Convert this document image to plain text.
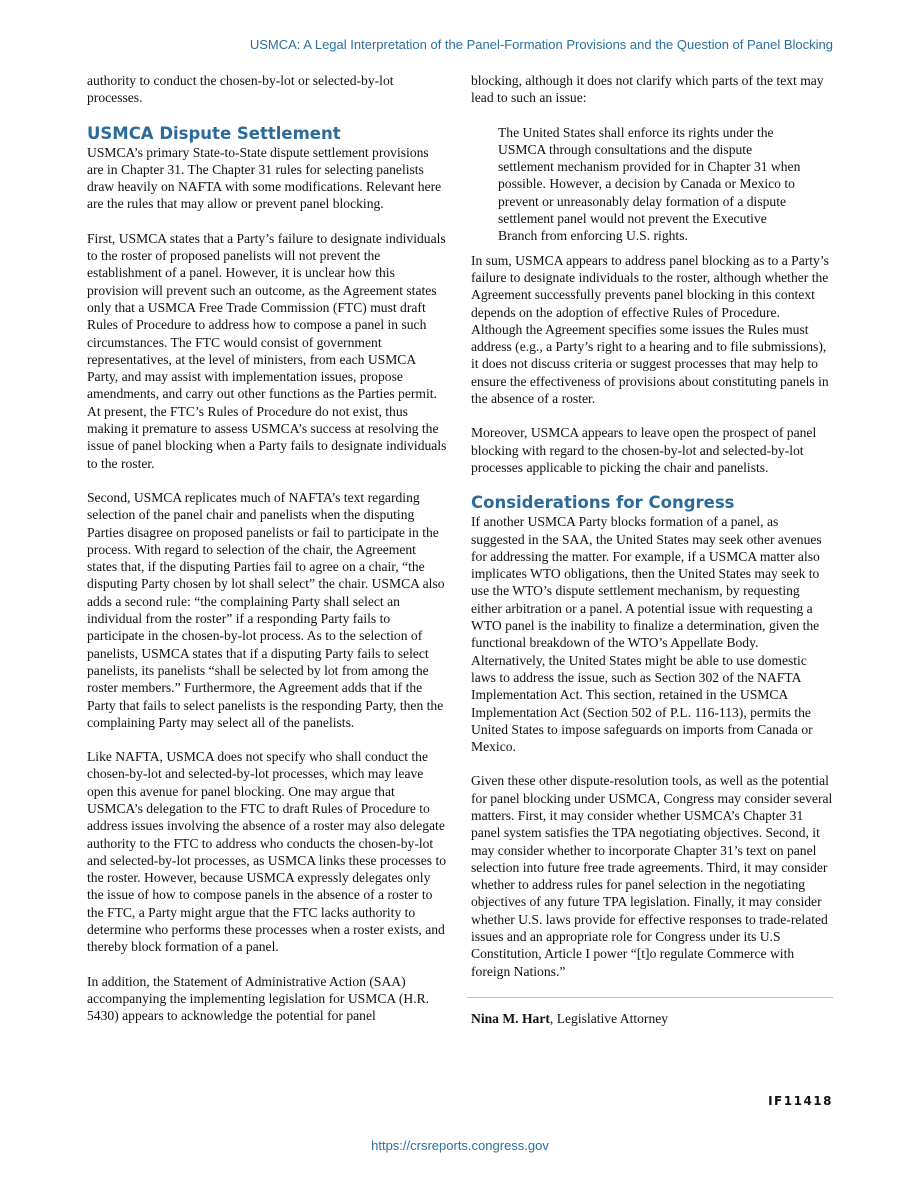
USMCA: A Legal Interpretation of the Panel-Formation Provisions and the Question of Panel Blocking

authority to conduct the chosen-by-lot or selected-by-lot processes.

USMCA Dispute Settlement

USMCA’s primary State-to-State dispute settlement provisions are in Chapter 31. The Chapter 31 rules for selecting panelists draw heavily on NAFTA with some modifications. Relevant here are the rules that may allow or prevent panel blocking.

First, USMCA states that a Party’s failure to designate individuals to the roster of proposed panelists will not prevent the establishment of a panel. However, it is unclear how this provision will prevent such an outcome, as the Agreement states only that a USMCA Free Trade Commission (FTC) must draft Rules of Procedure to address how to compose a panel in such circumstances. The FTC would consist of government representatives, at the level of ministers, from each USMCA Party, and may assist with implementation issues, propose amendments, and carry out other functions as the Parties permit. At present, the FTC’s Rules of Procedure do not exist, thus making it premature to assess USMCA’s success at resolving the issue of panel blocking when a Party fails to designate individuals to the roster.

Second, USMCA replicates much of NAFTA’s text regarding selection of the panel chair and panelists when the disputing Parties disagree on proposed panelists or fail to participate in the process. With regard to selection of the chair, the Agreement states that, if the disputing Parties fail to agree on a chair, “the disputing Party chosen by lot shall select” the chair. USMCA also adds a second rule: “the complaining Party shall select an individual from the roster” if a responding Party fails to participate in the chosen-by-lot process. As to the selection of panelists, USMCA states that if a disputing Party fails to select panelists, its panelists “shall be selected by lot from among the roster members.” Furthermore, the Agreement adds that if the Party that fails to select panelists is the responding Party, then the complaining Party may select all of the panelists.

Like NAFTA, USMCA does not specify who shall conduct the chosen-by-lot and selected-by-lot processes, which may leave open this avenue for panel blocking. One may argue that USMCA’s delegation to the FTC to draft Rules of Procedure to address issues involving the absence of a roster may also delegate authority to the FTC to address who conducts the chosen-by-lot and selected-by-lot processes, as USMCA links these processes to the roster. However, because USMCA expressly delegates only the issue of how to compose panels in the absence of a roster to the FTC, a Party might argue that the FTC lacks authority to determine who performs these processes when a roster exists, and thereby block formation of a panel.

In addition, the Statement of Administrative Action (SAA) accompanying the implementing legislation for USMCA (H.R. 5430) appears to acknowledge the potential for panel

blocking, although it does not clarify which parts of the text may lead to such an issue:

The United States shall enforce its rights under the USMCA through consultations and the dispute settlement mechanism provided for in Chapter 31 when possible. However, a decision by Canada or Mexico to prevent or unreasonably delay formation of a dispute settlement panel would not prevent the Executive Branch from enforcing U.S. rights.

In sum, USMCA appears to address panel blocking as to a Party’s failure to designate individuals to the roster, although whether the Agreement successfully prevents panel blocking in this context depends on the adoption of effective Rules of Procedure. Although the Agreement specifies some issues the Rules must address (e.g., a Party’s right to a hearing and to file submissions), it does not discuss criteria or suggest processes that may help to ensure the effectiveness of provisions about constituting panels in the absence of a roster.

Moreover, USMCA appears to leave open the prospect of panel blocking with regard to the chosen-by-lot and selected-by-lot processes applicable to picking the chair and panelists.

Considerations for Congress

If another USMCA Party blocks formation of a panel, as suggested in the SAA, the United States may seek other avenues for addressing the matter. For example, if a USMCA matter also implicates WTO obligations, then the United States may seek to use the WTO’s dispute settlement mechanism, by requesting either arbitration or a panel. A potential issue with requesting a WTO panel is the inability to finalize a determination, given the functional breakdown of the WTO’s Appellate Body. Alternatively, the United States might be able to use domestic laws to address the issue, such as Section 302 of the NAFTA Implementation Act. This section, retained in the USMCA Implementation Act (Section 502 of P.L. 116-113), permits the United States to impose safeguards on imports from Canada or Mexico.

Given these other dispute-resolution tools, as well as the potential for panel blocking under USMCA, Congress may consider several matters. First, it may consider whether USMCA’s Chapter 31 panel system satisfies the TPA negotiating objectives. Second, it may consider whether to incorporate Chapter 31’s text on panel selection into future free trade agreements. Third, it may consider whether to address rules for panel selection in the negotiating objectives of any future TPA legislation. Finally, it may consider whether U.S. laws provide for effective responses to trade-related issues and an appropriate role for Congress under its U.S Constitution, Article I power “[t]o regulate Commerce with foreign Nations.”

Nina M. Hart, Legislative Attorney

IF11418
https://crsreports.congress.gov
